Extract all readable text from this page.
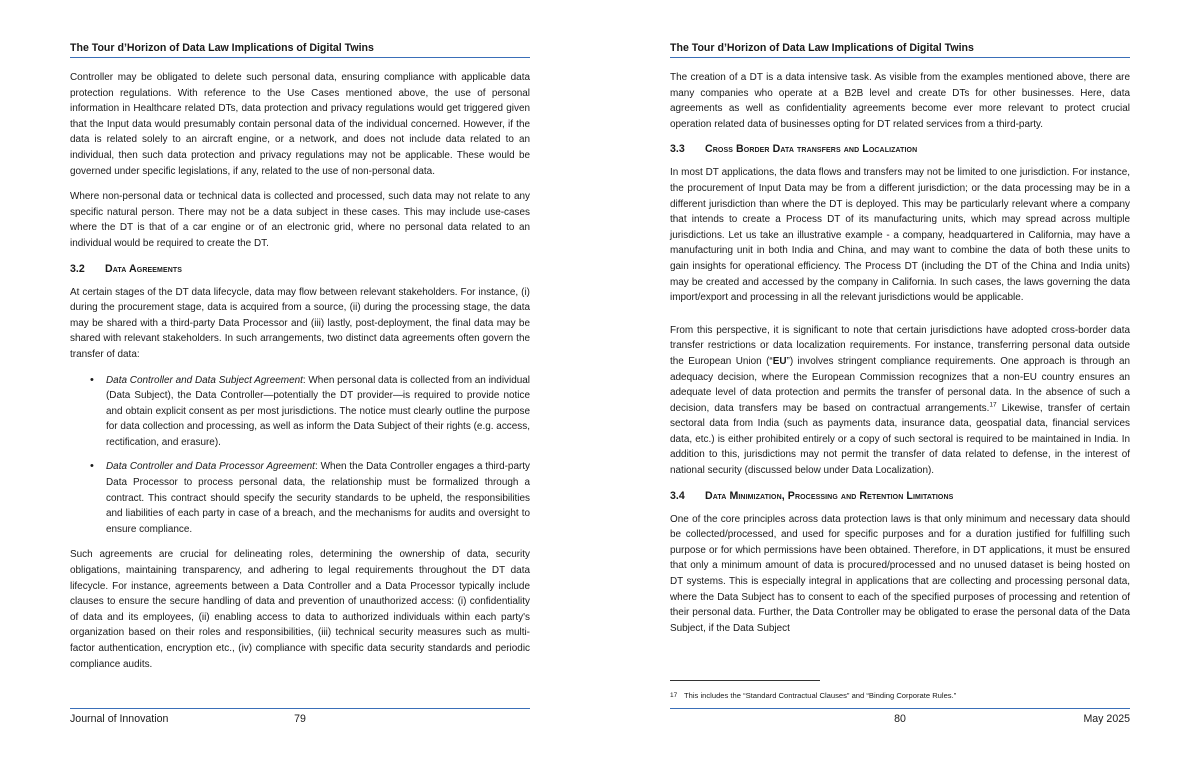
The Tour d’Horizon of Data Law Implications of Digital Twins

Controller may be obligated to delete such personal data, ensuring compliance with applicable data protection regulations. With reference to the Use Cases mentioned above, the use of personal information in Healthcare related DTs, data protection and privacy regulations would get triggered given that the Input data would presumably contain personal data of the individual concerned. However, if the data is related solely to an aircraft engine, or a network, and does not include data related to an individual, then such data protection and privacy regulations may not be applicable. These would be governed under specific legislations, if any, related to the use of non-personal data.

Where non-personal data or technical data is collected and processed, such data may not relate to any specific natural person. There may not be a data subject in these cases. This may include use-cases where the DT is that of a car engine or of an electronic grid, where no personal data related to an individual would be required to create the DT.

3.2	Data Agreements

At certain stages of the DT data lifecycle, data may flow between relevant stakeholders. For instance, (i) during the procurement stage, data is acquired from a source, (ii) during the processing stage, the data may be shared with a third-party Data Processor and (iii) lastly, post-deployment, the final data may be shared with relevant stakeholders. In such arrangements, two distinct data agreements often govern the transfer of data:

• Data Controller and Data Subject Agreement: When personal data is collected from an individual (Data Subject), the Data Controller—potentially the DT provider—is required to provide notice and obtain explicit consent as per most jurisdictions. The notice must clearly outline the purpose for data collection and processing, as well as inform the Data Subject of their rights (e.g. access, rectification, and erasure).
• Data Controller and Data Processor Agreement: When the Data Controller engages a third-party Data Processor to process personal data, the relationship must be formalized through a contract. This contract should specify the security standards to be upheld, the responsibilities and liabilities of each party in case of a breach, and the mechanisms for audits and oversight to ensure compliance.

Such agreements are crucial for delineating roles, determining the ownership of data, security obligations, maintaining transparency, and adhering to legal requirements throughout the DT data lifecycle. For instance, agreements between a Data Controller and a Data Processor typically include clauses to ensure the secure handling of data and prevention of unauthorized access: (i) confidentiality of data and its employees, (ii) enabling access to data to authorized individuals within each party's organization based on their roles and responsibilities, (iii) technical security measures such as multi-factor authentication, encryption etc., (iv) compliance with specific data security standards and periodic compliance audits.

Journal of Innovation	79
The Tour d’Horizon of Data Law Implications of Digital Twins

The creation of a DT is a data intensive task. As visible from the examples mentioned above, there are many companies who operate at a B2B level and create DTs for other businesses. Here, data agreements as well as confidentiality agreements become ever more relevant to protect crucial operation related data of businesses opting for DT related services from a third-party.

3.3	Cross Border Data transfers and Localization

In most DT applications, the data flows and transfers may not be limited to one jurisdiction. For instance, the procurement of Input Data may be from a different jurisdiction; or the data processing may be in a different jurisdiction than where the DT is deployed. This may be particularly relevant where a company that intends to create a Process DT of its manufacturing units, which may spread across multiple jurisdictions. Let us take an illustrative example - a company, headquartered in California, may have a manufacturing unit in both India and China, and may want to combine the data of both these units to gain insights for operational efficiency. The Process DT (including the DT of the China and India units) may be created and accessed by the company in California. In such cases, the laws governing the data import/export and processing in all the relevant jurisdictions would be applicable.

From this perspective, it is significant to note that certain jurisdictions have adopted cross-border data transfer restrictions or data localization requirements. For instance, transferring personal data outside the European Union (“EU”) involves stringent compliance requirements. One approach is through an adequacy decision, where the European Commission recognizes that a non-EU country ensures an adequate level of data protection and permits the transfer of personal data. In the absence of such a decision, data transfers may be based on contractual arrangements.$^{17}$ Likewise, transfer of certain sectoral data from India (such as payments data, insurance data, geospatial data, financial services data, etc.) is either prohibited entirely or a copy of such sectoral is required to be maintained in India. In addition to this, jurisdictions may not permit the transfer of data related to defense, in the interest of national security (discussed below under Data Localization).

3.4	Data Minimization, Processing and Retention Limitations

One of the core principles across data protection laws is that only minimum and necessary data should be collected/processed, and used for specific purposes and for a duration justified for fulfilling such purpose or for which permissions have been obtained. Therefore, in DT applications, it must be ensured that only a minimum amount of data is procured/processed and no unused dataset is being hosted on DT systems. This is especially integral in applications that are collecting and processing personal data, where the Data Subject has to consent to each of the specified purposes of processing and retention of their personal data. Further, the Data Controller may be obligated to erase the personal data of the Data Subject, if the Data Subject

17 This includes the “Standard Contractual Clauses” and “Binding Corporate Rules.”
80	May 2025
